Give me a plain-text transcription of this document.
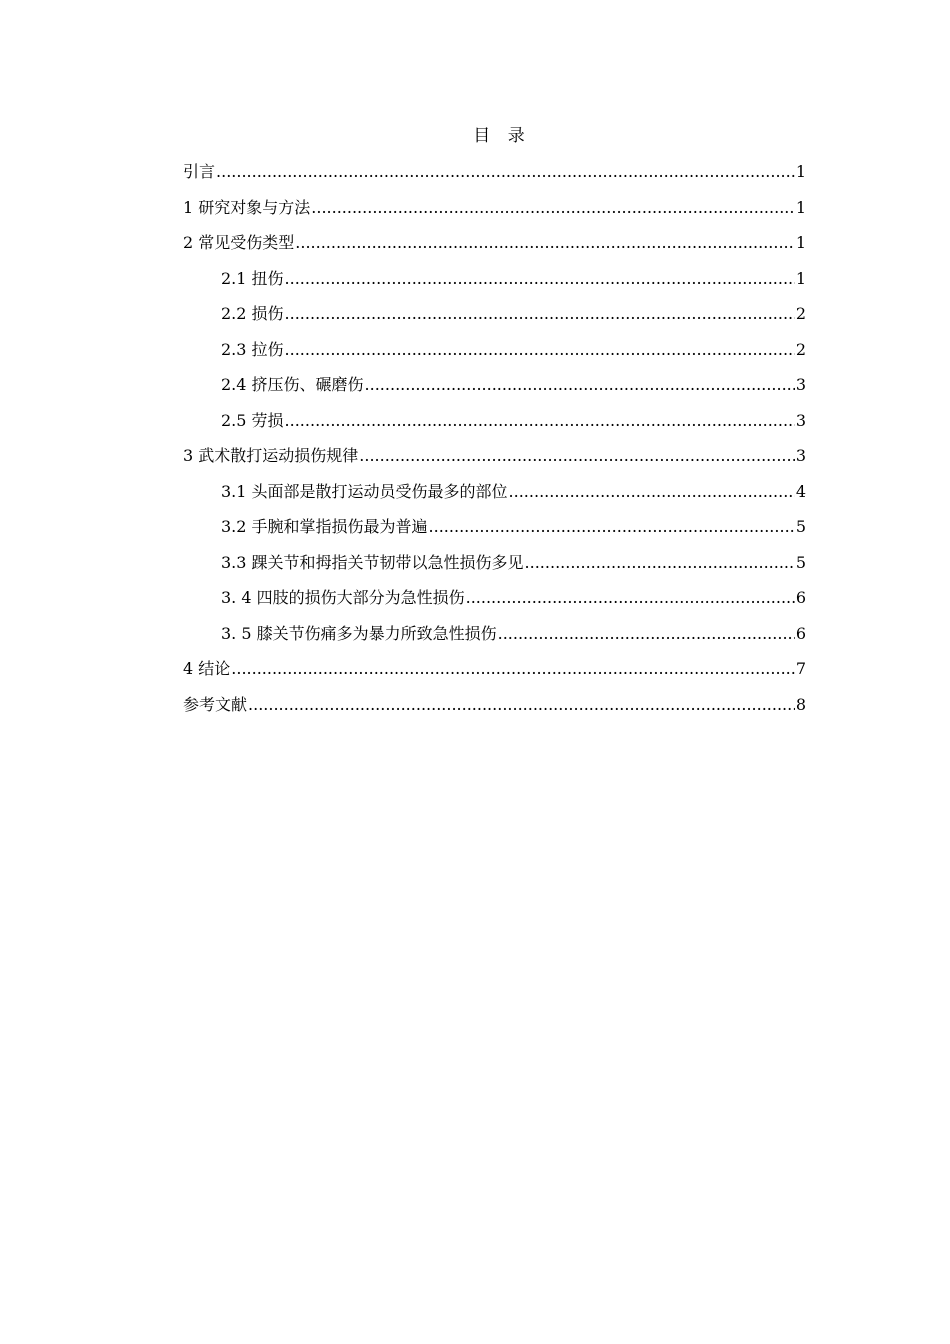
目 录
引言 .....	1
1 研究对象与方法 .....	1
2 常见受伤类型 .....	1
2.1 扭伤 .....	1
2.2 损伤 .....	2
2.3 拉伤 .....	2
2.4 挤压伤、碾磨伤 .....	3
2.5 劳损 .....	3
3 武术散打运动损伤规律 .....	3
3.1 头面部是散打运动员受伤最多的部位 .....	4
3.2 手腕和掌指损伤最为普遍 .....	5
3.3 踝关节和拇指关节韧带以急性损伤多见 .....	5
3. 4 四肢的损伤大部分为急性损伤 .....	6
3. 5 膝关节伤痛多为暴力所致急性损伤 .....	6
4 结论 .....	7
参考文献 .....	8
